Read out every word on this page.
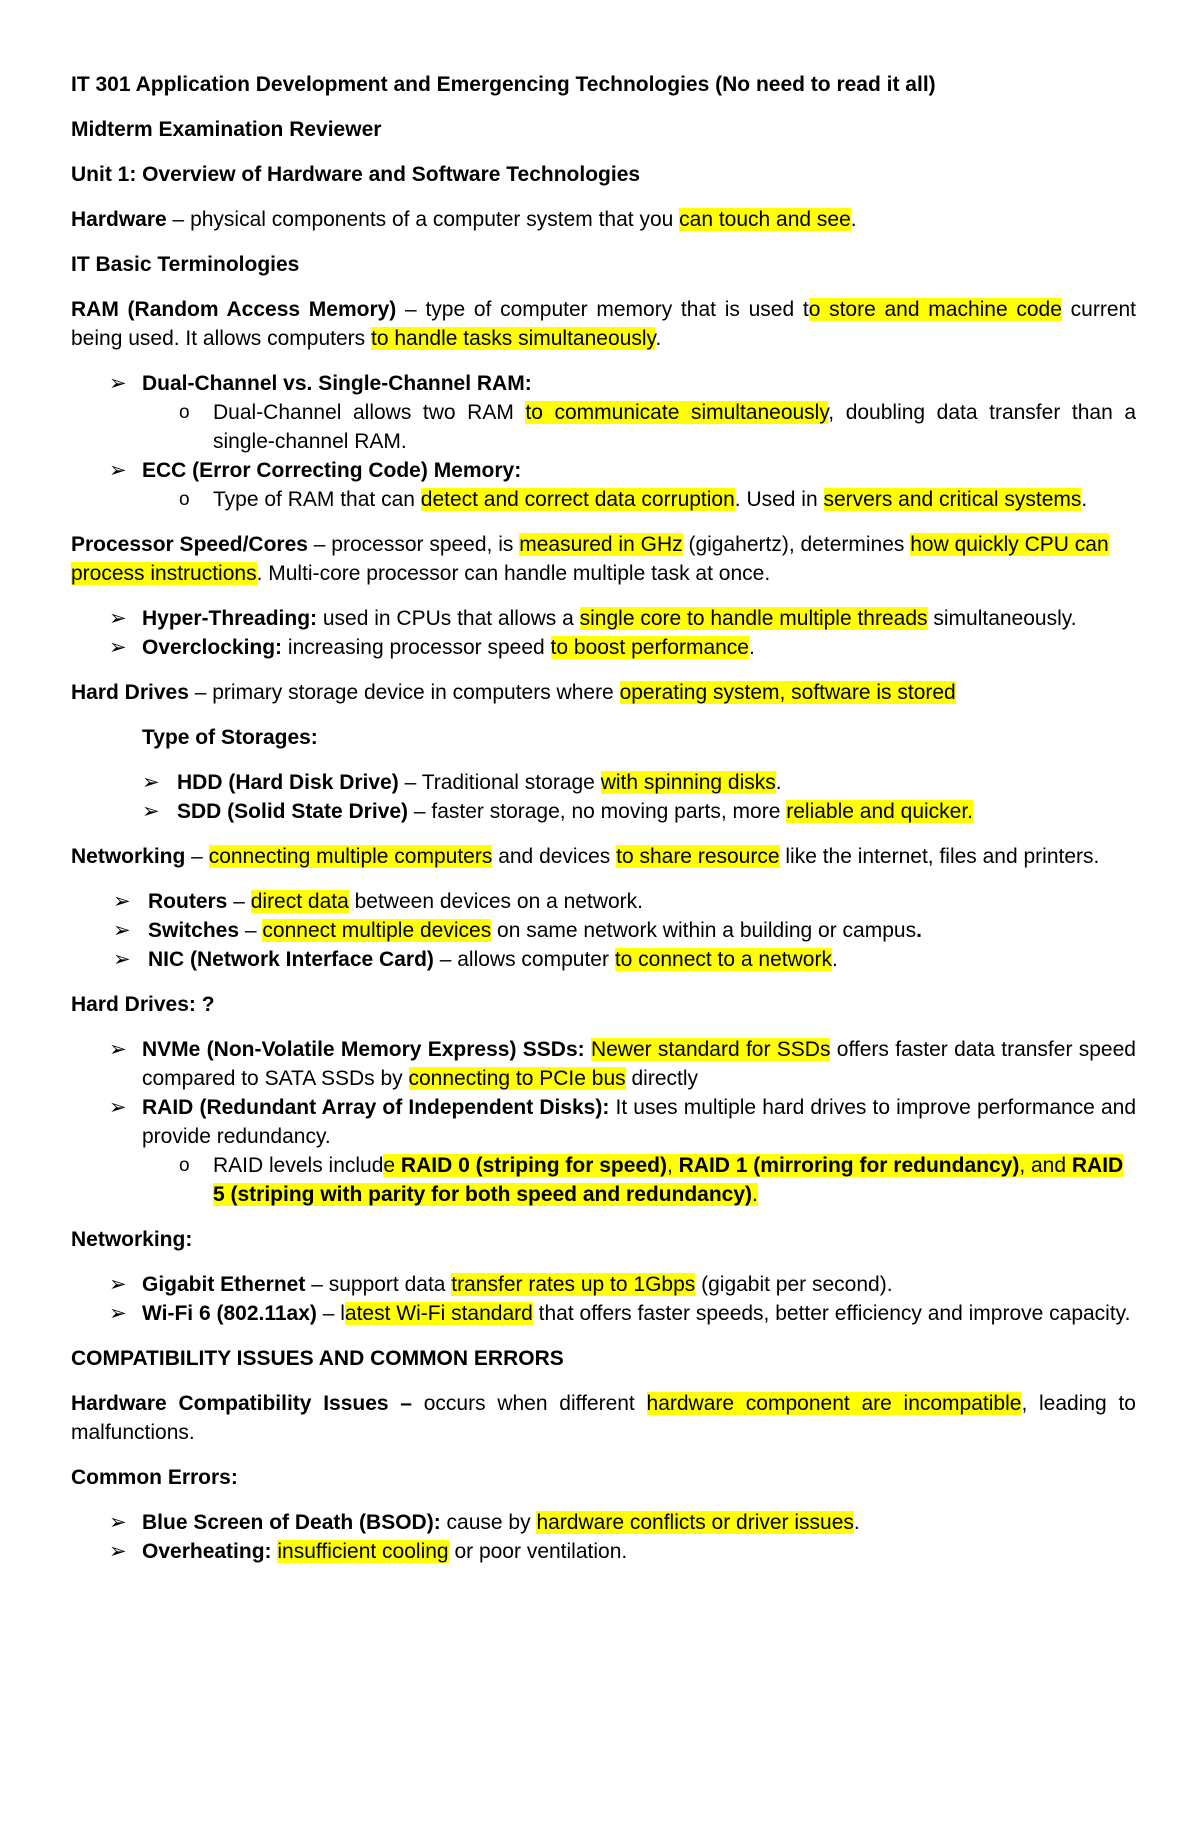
IT 301 Application Development and Emergencing Technologies (No need to read it all)

Midterm Examination Reviewer

Unit 1: Overview of Hardware and Software Technologies

Hardware – physical components of a computer system that you can touch and see.

IT Basic Terminologies

RAM (Random Access Memory) – type of computer memory that is used to store and machine code current being used. It allows computers to handle tasks simultaneously.

➢ Dual-Channel vs. Single-Channel RAM:

o Dual-Channel allows two RAM to communicate simultaneously, doubling data transfer than a single-channel RAM.

➢ ECC (Error Correcting Code) Memory:

o Type of RAM that can detect and correct data corruption. Used in servers and critical systems.

Processor Speed/Cores – processor speed, is measured in GHz (gigahertz), determines how quickly CPU can process instructions. Multi-core processor can handle multiple task at once.

➢ Hyper-Threading: used in CPUs that allows a single core to handle multiple threads simultaneously.

➢ Overclocking: increasing processor speed to boost performance.

Hard Drives – primary storage device in computers where operating system, software is stored

Type of Storages:

➢ HDD (Hard Disk Drive) – Traditional storage with spinning disks.

➢ SDD (Solid State Drive) – faster storage, no moving parts, more reliable and quicker.

Networking – connecting multiple computers and devices to share resource like the internet, files and printers.

➢ Routers – direct data between devices on a network.

➢ Switches – connect multiple devices on same network within a building or campus.

➢ NIC (Network Interface Card) – allows computer to connect to a network.

Hard Drives: ?

➢ NVMe (Non-Volatile Memory Express) SSDs: Newer standard for SSDs offers faster data transfer speed compared to SATA SSDs by connecting to PCIe bus directly

➢ RAID (Redundant Array of Independent Disks): It uses multiple hard drives to improve performance and provide redundancy.

o RAID levels include RAID 0 (striping for speed), RAID 1 (mirroring for redundancy), and RAID 5 (striping with parity for both speed and redundancy).

Networking:

➢ Gigabit Ethernet – support data transfer rates up to 1Gbps (gigabit per second).

➢ Wi-Fi 6 (802.11ax) – latest Wi-Fi standard that offers faster speeds, better efficiency and improve capacity.

COMPATIBILITY ISSUES AND COMMON ERRORS

Hardware Compatibility Issues – occurs when different hardware component are incompatible, leading to malfunctions.

Common Errors:

➢ Blue Screen of Death (BSOD): cause by hardware conflicts or driver issues.

➢ Overheating: insufficient cooling or poor ventilation.
